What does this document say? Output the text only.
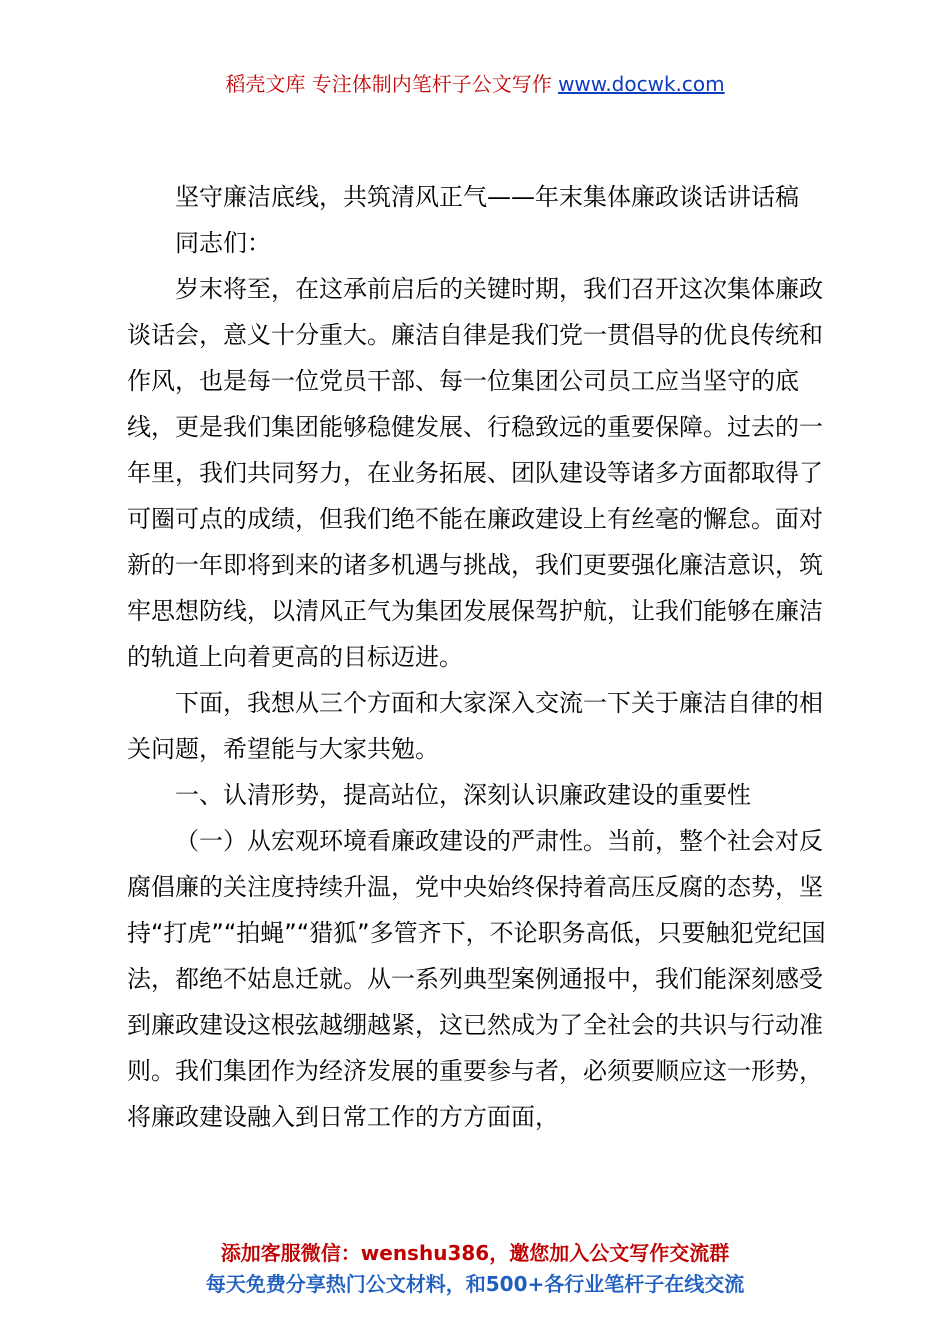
稻壳文库 专注体制内笔杆子公文写作 www.docwk.com

坚守廉洁底线，共筑清风正气——年末集体廉政谈话讲话稿

同志们：

岁末将至，在这承前启后的关键时期，我们召开这次集体廉政谈话会，意义十分重大。廉洁自律是我们党一贯倡导的优良传统和作风，也是每一位党员干部、每一位集团公司员工应当坚守的底线，更是我们集团能够稳健发展、行稳致远的重要保障。过去的一年里，我们共同努力，在业务拓展、团队建设等诸多方面都取得了可圈可点的成绩，但我们绝不能在廉政建设上有丝毫的懈怠。面对新的一年即将到来的诸多机遇与挑战，我们更要强化廉洁意识，筑牢思想防线，以清风正气为集团发展保驾护航，让我们能够在廉洁的轨道上向着更高的目标迈进。

下面，我想从三个方面和大家深入交流一下关于廉洁自律的相关问题，希望能与大家共勉。

一、认清形势，提高站位，深刻认识廉政建设的重要性

（一）从宏观环境看廉政建设的严肃性。当前，整个社会对反腐倡廉的关注度持续升温，党中央始终保持着高压反腐的态势，坚持“打虎”“拍蝇”“猎狐”多管齐下，不论职务高低，只要触犯党纪国法，都绝不姑息迁就。从一系列典型案例通报中，我们能深刻感受到廉政建设这根弦越绷越紧，这已然成为了全社会的共识与行动准则。我们集团作为经济发展的重要参与者，必须要顺应这一形势，将廉政建设融入到日常工作的方方面面，

添加客服微信：wenshu386，邀您加入公文写作交流群
每天免费分享热门公文材料，和500+各行业笔杆子在线交流
